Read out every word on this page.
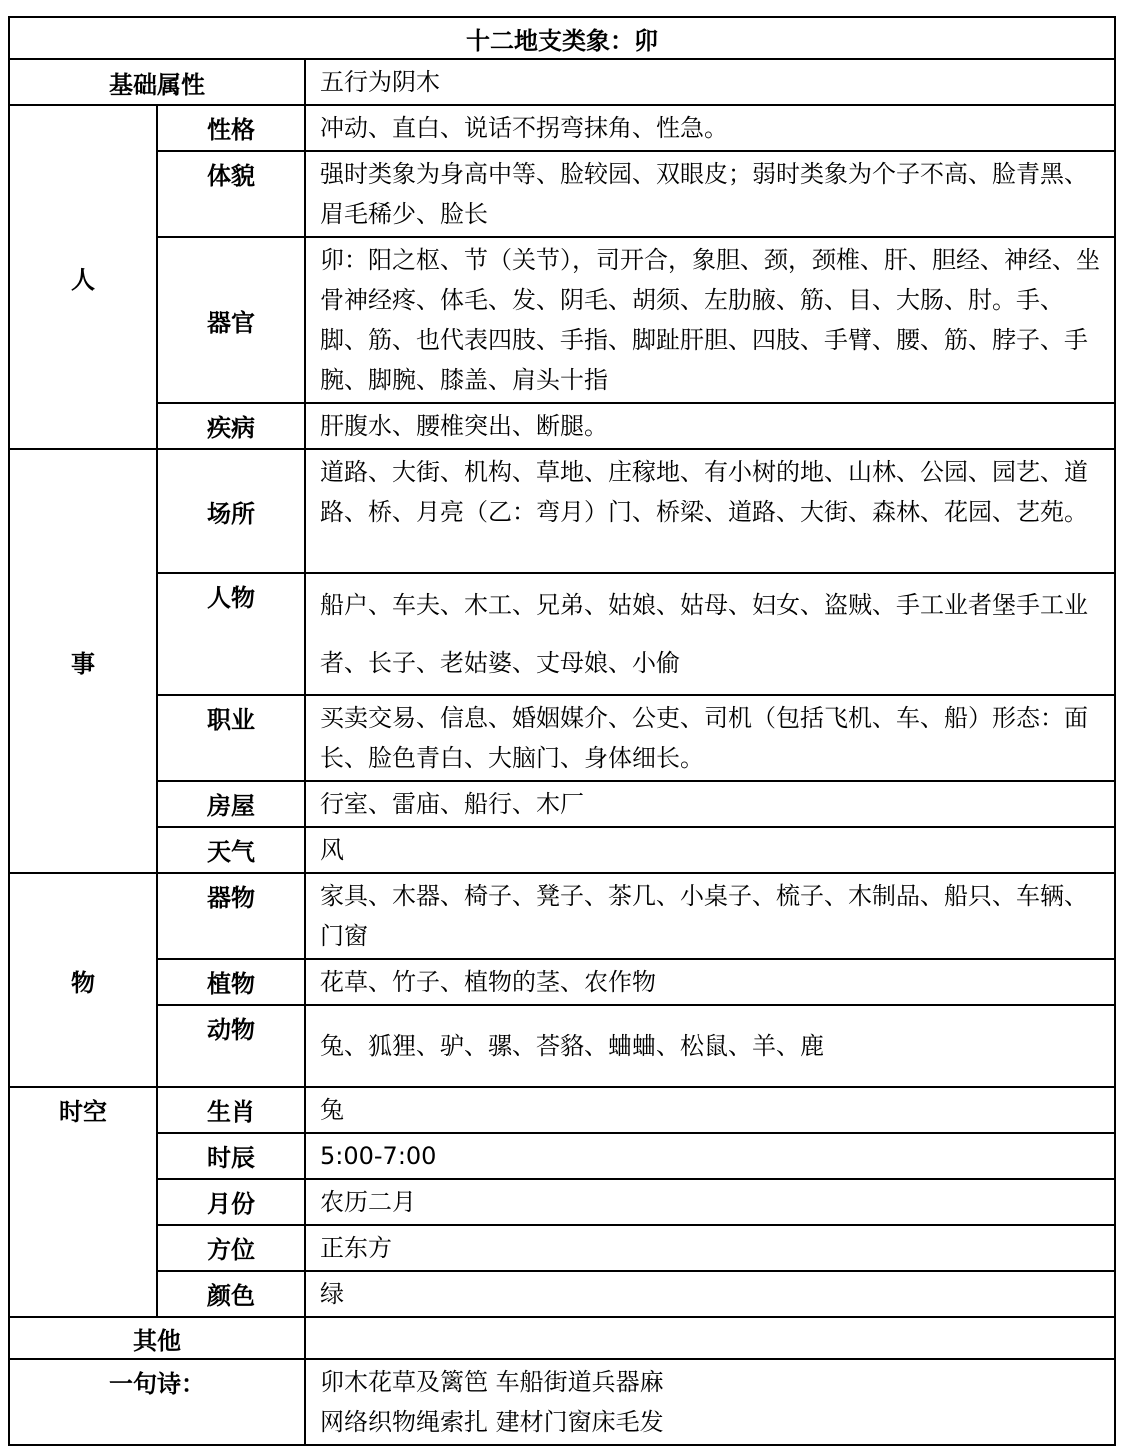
十二地支类象：卯		
基础属性		五行为阴木
人	性格	冲动、直白、说话不拐弯抹角、性急。
	体貌	强时类象为身高中等、脸较园、双眼皮；弱时类象为个子不高、脸青黑、眉毛稀少、脸长
	器官	卯：阳之枢、节（关节），司开合，象胆、颈，颈椎、肝、胆经、神经、坐骨神经疼、体毛、发、阴毛、胡须、左肋腋、筋、目、大肠、肘。手、脚、筋、也代表四肢、手指、脚趾肝胆、四肢、手臂、腰、筋、脖子、手腕、脚腕、膝盖、肩头十指
	疾病	肝腹水、腰椎突出、断腿。
事	场所	道路、大街、机构、草地、庄稼地、有小树的地、山林、公园、园艺、道路、桥、月亮（乙：弯月）门、桥梁、道路、大街、森林、花园、艺苑。
	人物	船户、车夫、木工、兄弟、姑娘、姑母、妇女、盗贼、手工业者堡手工业者、长子、老姑婆、丈母娘、小偷
	职业	买卖交易、信息、婚姻媒介、公吏、司机（包括飞机、车、船）形态：面长、脸色青白、大脑门、身体细长。
	房屋	行室、雷庙、船行、木厂
	天气	风
物	器物	家具、木器、椅子、凳子、茶几、小桌子、梳子、木制品、船只、车辆、门窗
	植物	花草、竹子、植物的茎、农作物
	动物	兔、狐狸、驴、骡、荅貉、蛐蛐、松鼠、羊、鹿
时空	生肖	兔
	时辰	5:00-7:00
	月份	农历二月
	方位	正东方
	颜色	绿
其他		
一句诗：		卯木花草及篱笆 车船街道兵器麻
网络织物绳索扎 建材门窗床毛发
